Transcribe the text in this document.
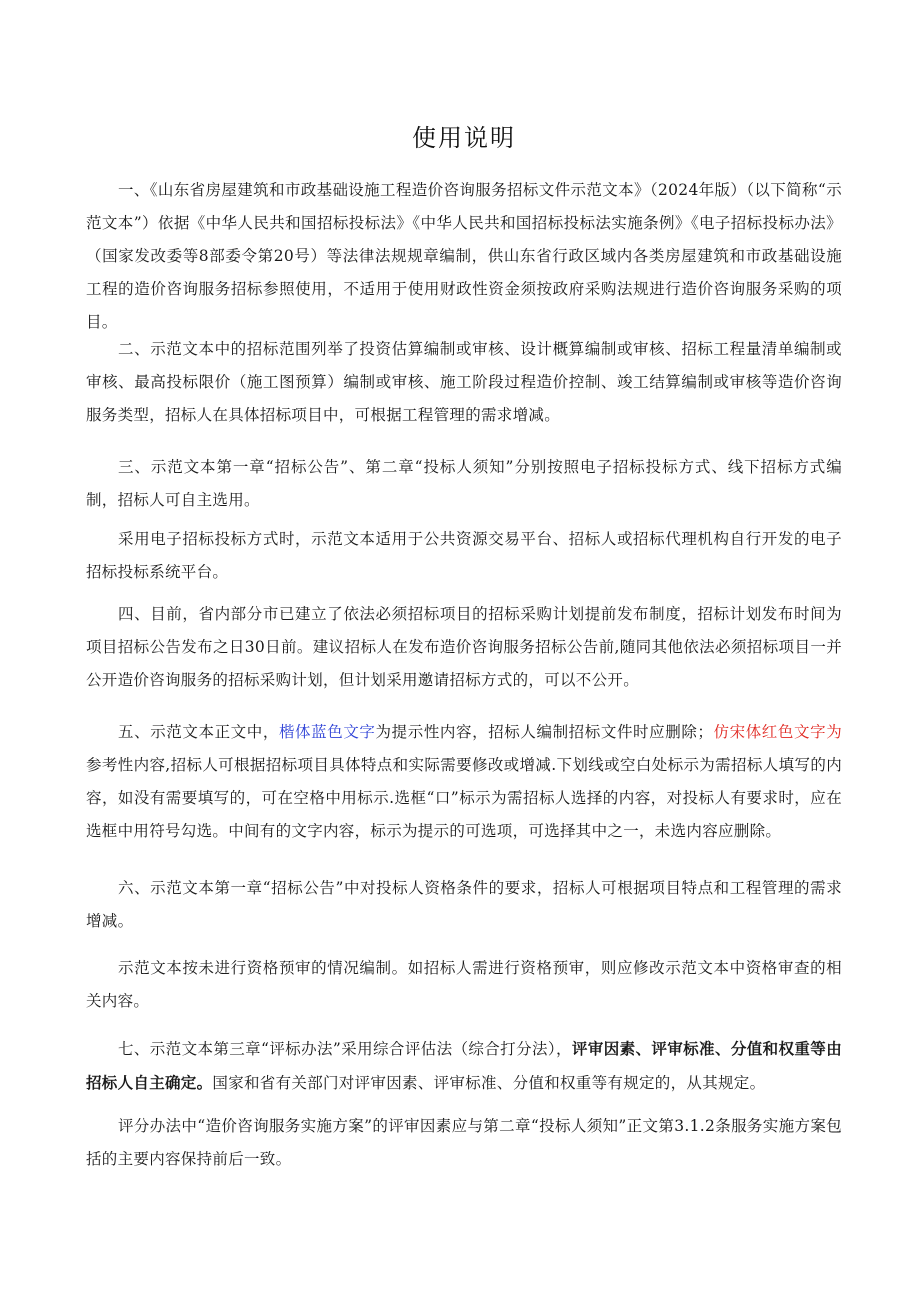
使用说明

一、《山东省房屋建筑和市政基础设施工程造价咨询服务招标文件示范文本》（2024年版）（以下简称“示范文本”）依据《中华人民共和国招标投标法》《中华人民共和国招标投标法实施条例》《电子招标投标办法》（国家发改委等8部委令第20号）等法律法规规章编制，供山东省行政区域内各类房屋建筑和市政基础设施工程的造价咨询服务招标参照使用，不适用于使用财政性资金须按政府采购法规进行造价咨询服务采购的项目。

二、示范文本中的招标范围列举了投资估算编制或审核、设计概算编制或审核、招标工程量清单编制或审核、最高投标限价（施工图预算）编制或审核、施工阶段过程造价控制、竣工结算编制或审核等造价咨询服务类型，招标人在具体招标项目中，可根据工程管理的需求增减。

三、示范文本第一章“招标公告”、第二章“投标人须知”分别按照电子招标投标方式、线下招标方式编制，招标人可自主选用。

采用电子招标投标方式时，示范文本适用于公共资源交易平台、招标人或招标代理机构自行开发的电子招标投标系统平台。

四、目前，省内部分市已建立了依法必须招标项目的招标采购计划提前发布制度，招标计划发布时间为项目招标公告发布之日30日前。建议招标人在发布造价咨询服务招标公告前,随同其他依法必须招标项目一并公开造价咨询服务的招标采购计划，但计划采用邀请招标方式的，可以不公开。

五、示范文本正文中，楷体蓝色文字为提示性内容，招标人编制招标文件时应删除；仿宋体红色文字为参考性内容,招标人可根据招标项目具体特点和实际需要修改或增减.下划线或空白处标示为需招标人填写的内容，如没有需要填写的，可在空格中用标示.选框“口”标示为需招标人选择的内容，对投标人有要求时，应在选框中用符号勾选。中间有的文字内容，标示为提示的可选项，可选择其中之一，未选内容应删除。

六、示范文本第一章“招标公告”中对投标人资格条件的要求，招标人可根据项目特点和工程管理的需求增减。

示范文本按未进行资格预审的情况编制。如招标人需进行资格预审，则应修改示范文本中资格审查的相关内容。

七、示范文本第三章“评标办法”采用综合评估法（综合打分法），评审因素、评审标准、分值和权重等由招标人自主确定。国家和省有关部门对评审因素、评审标准、分值和权重等有规定的，从其规定。

评分办法中“造价咨询服务实施方案”的评审因素应与第二章“投标人须知”正文第3.1.2条服务实施方案包括的主要内容保持前后一致。
